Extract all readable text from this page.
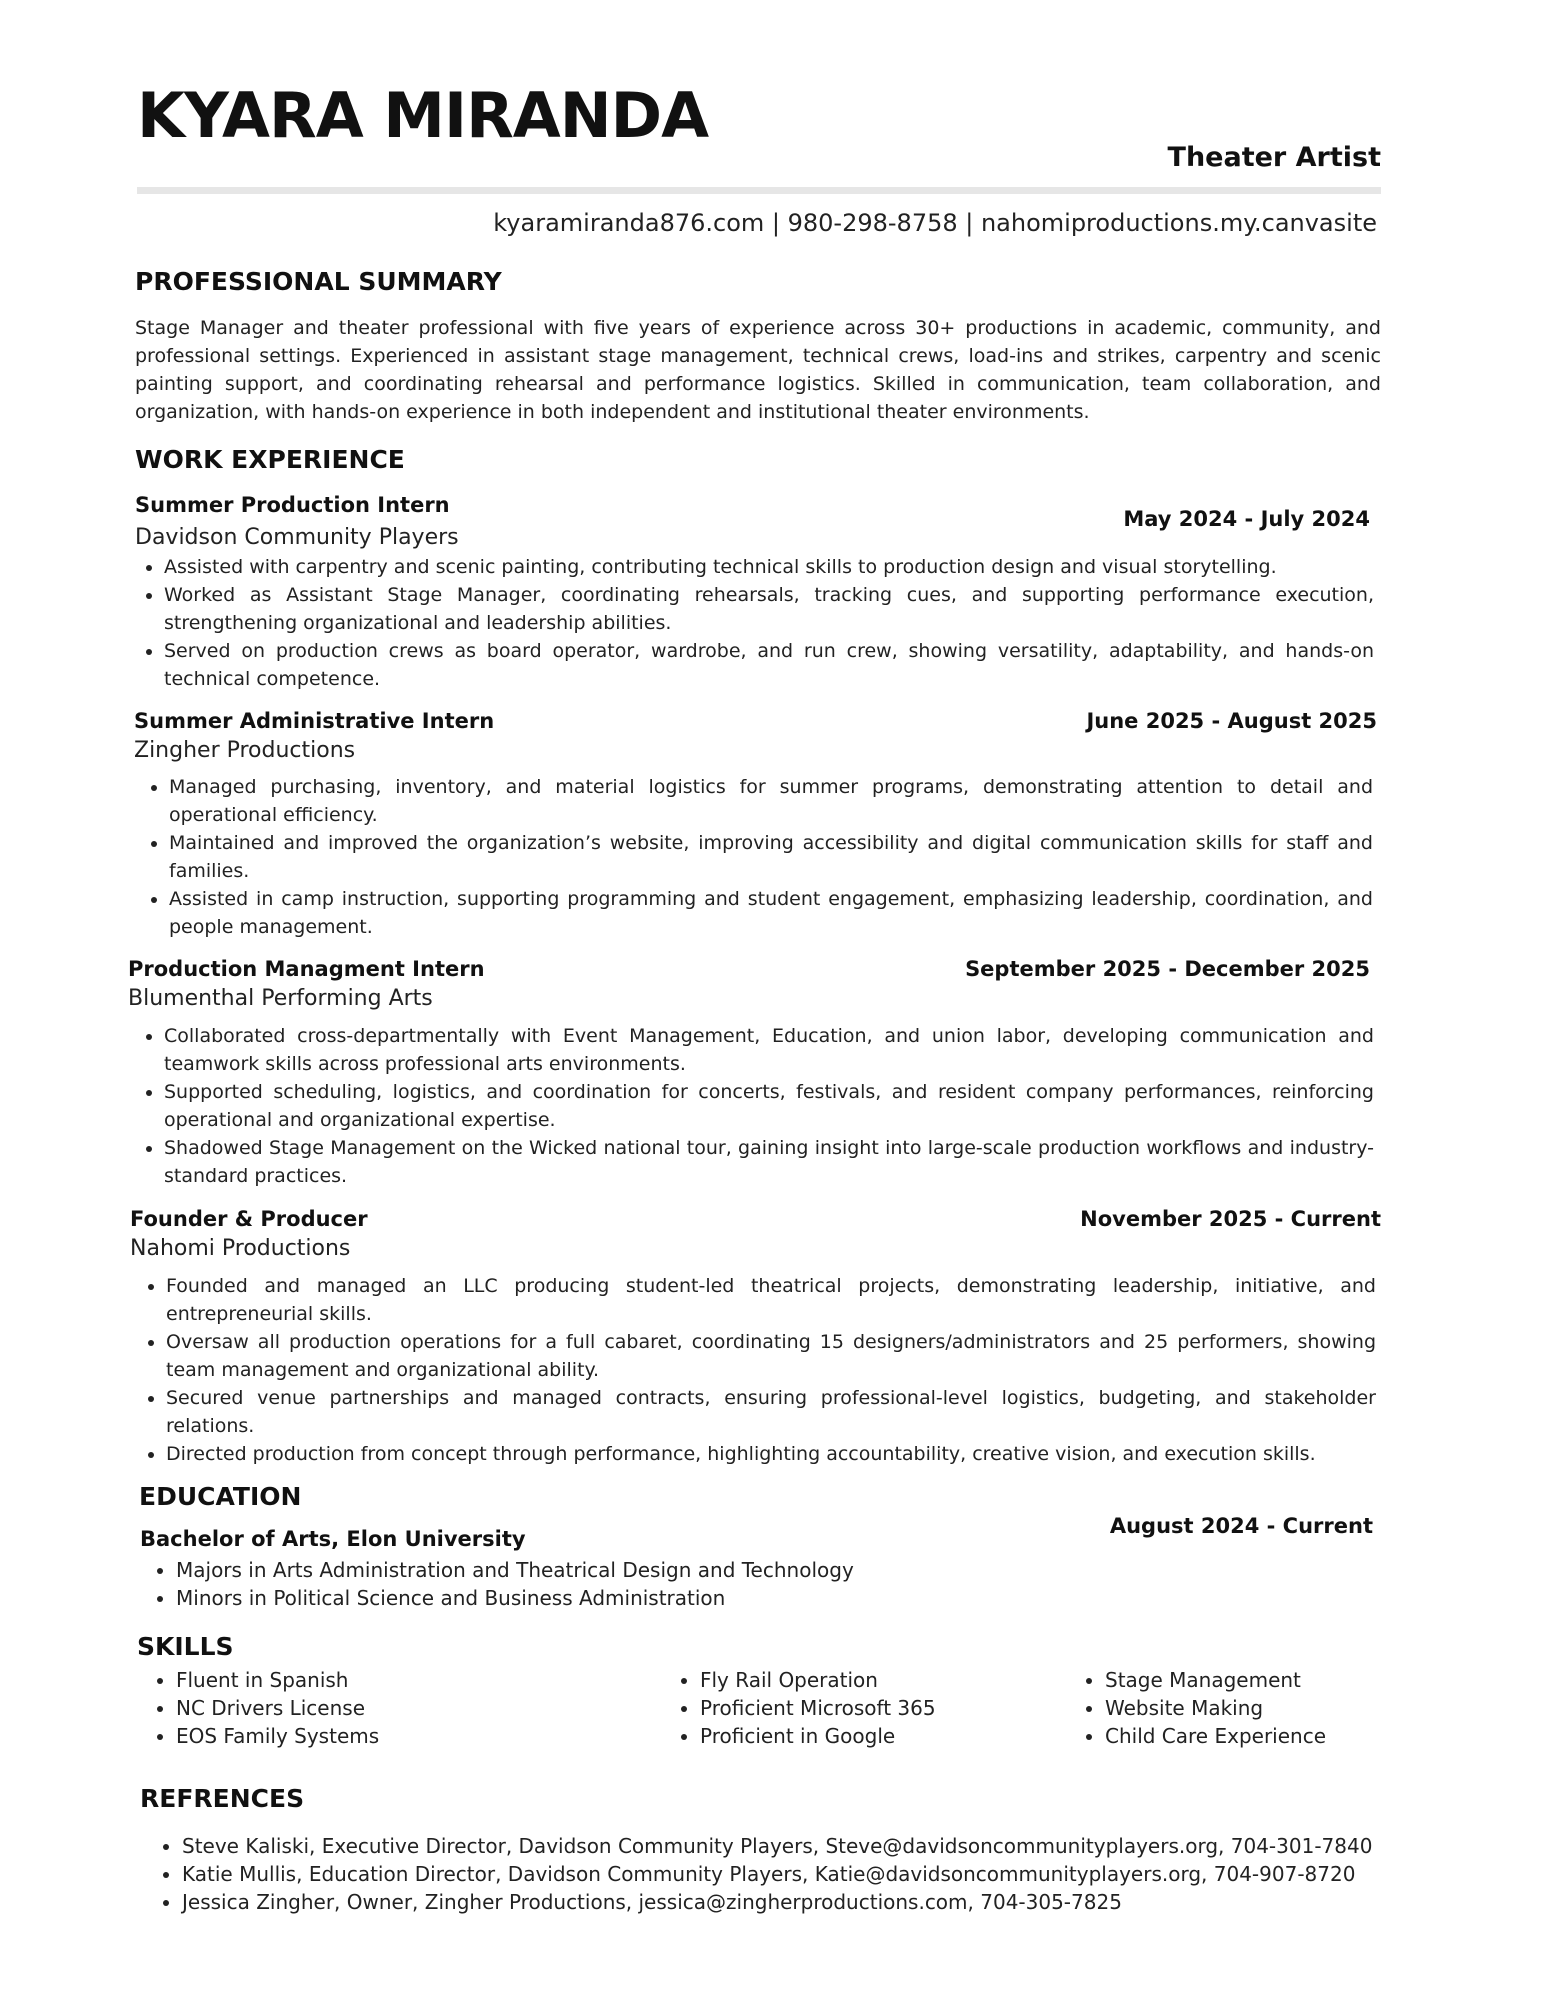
KYARA MIRANDA
Theater Artist
kyaramiranda876.com | 980-298-8758 | nahomiproductions.my.canvasite
PROFESSIONAL SUMMARY
Stage Manager and theater professional with five years of experience across 30+ productions in academic, community, and professional settings. Experienced in assistant stage management, technical crews, load-ins and strikes, carpentry and scenic painting support, and coordinating rehearsal and performance logistics. Skilled in communication, team collaboration, and organization, with hands-on experience in both independent and institutional theater environments.
WORK EXPERIENCE
Summer Production Intern
May 2024 - July 2024
Davidson Community Players
• Assisted with carpentry and scenic painting, contributing technical skills to production design and visual storytelling.
• Worked as Assistant Stage Manager, coordinating rehearsals, tracking cues, and supporting performance execution, strengthening organizational and leadership abilities.
• Served on production crews as board operator, wardrobe, and run crew, showing versatility, adaptability, and hands-on technical competence.
Summer Administrative Intern	June 2025 - August 2025
Zingher Productions
• Managed purchasing, inventory, and material logistics for summer programs, demonstrating attention to detail and operational efficiency.
• Maintained and improved the organization’s website, improving accessibility and digital communication skills for staff and families.
• Assisted in camp instruction, supporting programming and student engagement, emphasizing leadership, coordination, and people management.
Production Managment Intern	September 2025 - December 2025
Blumenthal Performing Arts
• Collaborated cross-departmentally with Event Management, Education, and union labor, developing communication and teamwork skills across professional arts environments.
• Supported scheduling, logistics, and coordination for concerts, festivals, and resident company performances, reinforcing operational and organizational expertise.
• Shadowed Stage Management on the Wicked national tour, gaining insight into large-scale production workflows and industry-standard practices.
Founder & Producer	November 2025 - Current
Nahomi Productions
• Founded and managed an LLC producing student-led theatrical projects, demonstrating leadership, initiative, and entrepreneurial skills.
• Oversaw all production operations for a full cabaret, coordinating 15 designers/administrators and 25 performers, showing team management and organizational ability.
• Secured venue partnerships and managed contracts, ensuring professional-level logistics, budgeting, and stakeholder relations.
• Directed production from concept through performance, highlighting accountability, creative vision, and execution skills.
EDUCATION
Bachelor of Arts, Elon University
August 2024 - Current
• Majors in Arts Administration and Theatrical Design and Technology
• Minors in Political Science and Business Administration
SKILLS
• Fluent in Spanish
• NC Drivers License
• EOS Family Systems
• Fly Rail Operation
• Proficient Microsoft 365
• Proficient in Google
• Stage Management
• Website Making
• Child Care Experience
REFRENCES
• Steve Kaliski, Executive Director, Davidson Community Players, Steve@davidsoncommunityplayers.org, 704-301-7840
• Katie Mullis, Education Director, Davidson Community Players, Katie@davidsoncommunityplayers.org, 704-907-8720
• Jessica Zingher, Owner, Zingher Productions, jessica@zingherproductions.com, 704-305-7825
